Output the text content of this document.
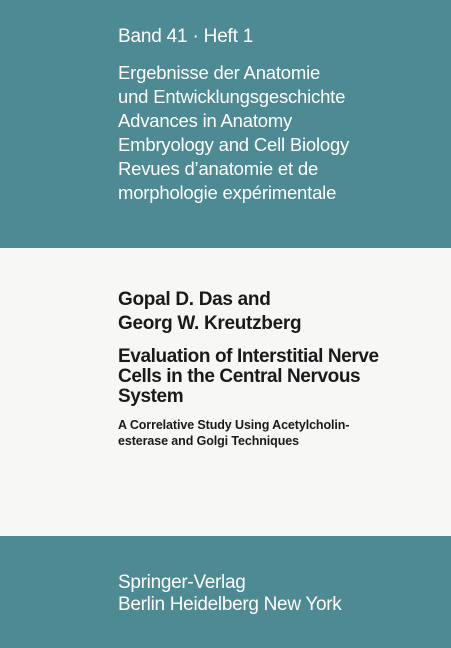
Band 41 · Heft 1
Ergebnisse der Anatomie
und Entwicklungsgeschichte
Advances in Anatomy
Embryology and Cell Biology
Revues d’anatomie et de
morphologie expérimentale
Gopal D. Das and
Georg W. Kreutzberg
Evaluation of Interstitial Nerve
Cells in the Central Nervous
System
A Correlative Study Using Acetylcholin-
esterase and Golgi Techniques
Springer-Verlag
Berlin Heidelberg New York
